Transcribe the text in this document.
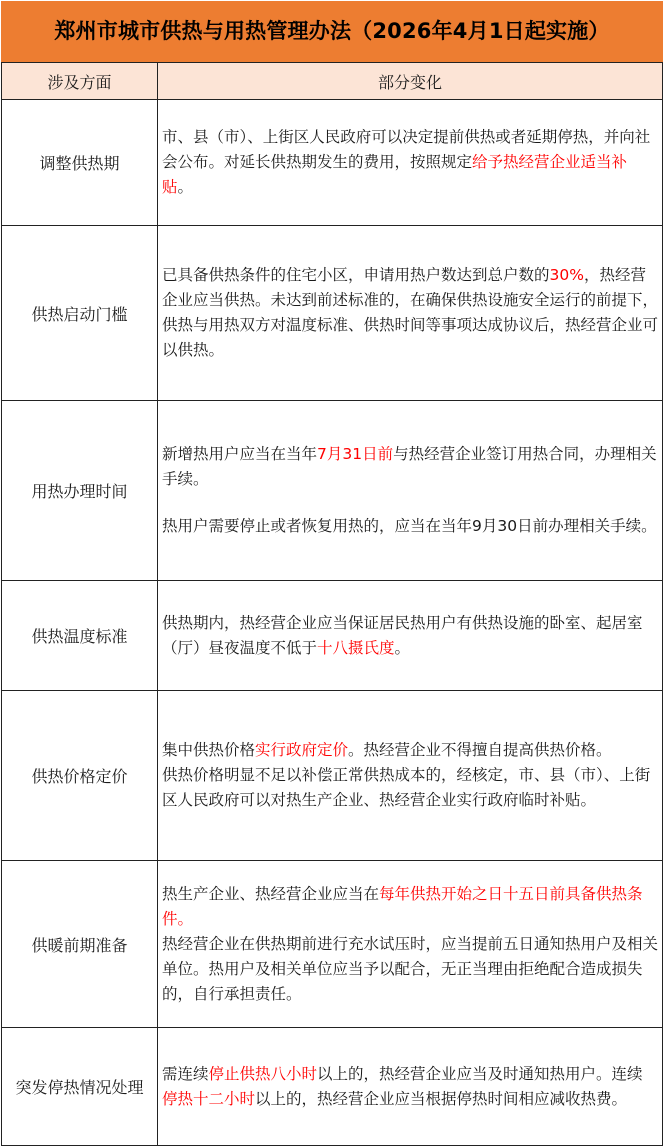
郑州市城市供热与用热管理办法（2026年4月1日起实施）
涉及方面	部分变化
调整供热期	市、县（市）、上街区人民政府可以决定提前供热或者延期停热，并向社会公布。对延长供热期发生的费用，按照规定给予热经营企业适当补贴。

供热启动门槛	已具备供热条件的住宅小区，申请用热户数达到总户数的30%，热经营企业应当供热。未达到前述标准的，在确保供热设施安全运行的前提下，供热与用热双方对温度标准、供热时间等事项达成协议后，热经营企业可以供热。

用热办理时间	新增热用户应当在当年7月31日前与热经营企业签订用热合同，办理相关手续。

热用户需要停止或者恢复用热的，应当在当年9月30日前办理相关手续。

供热温度标准	供热期内，热经营企业应当保证居民热用户有供热设施的卧室、起居室（厅）昼夜温度不低于十八摄氏度。

供热价格定价	集中供热价格实行政府定价。热经营企业不得擅自提高供热价格。

供热价格明显不足以补偿正常供热成本的，经核定，市、县（市）、上街区人民政府可以对热生产企业、热经营企业实行政府临时补贴。

供暖前期准备	热生产企业、热经营企业应当在每年供热开始之日十五日前具备供热条件。

热经营企业在供热期前进行充水试压时，应当提前五日通知热用户及相关单位。热用户及相关单位应当予以配合，无正当理由拒绝配合造成损失的，自行承担责任。

突发停热情况处理	需连续停止供热八小时以上的，热经营企业应当及时通知热用户。连续停热十二小时以上的，热经营企业应当根据停热时间相应减收热费。
